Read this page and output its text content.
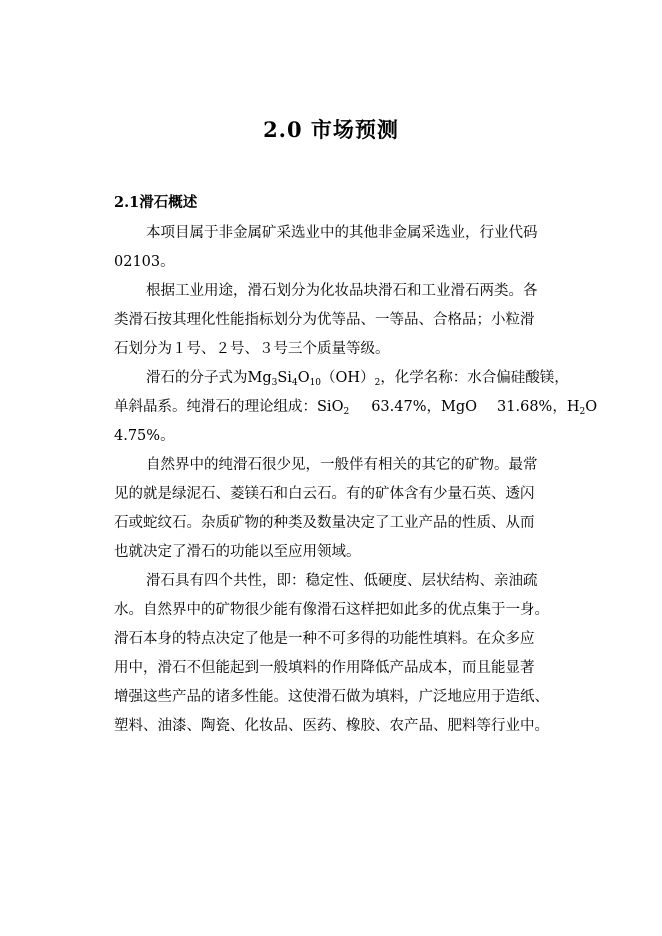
2.0 市场预测
2.1滑石概述
本项目属于非金属矿采选业中的其他非金属采选业，行业代码
02103。
根据工业用途，滑石划分为化妆品块滑石和工业滑石两类。各
类滑石按其理化性能指标划分为优等品、一等品、合格品；小粒滑
石划分为１号、２号、３号三个质量等级。
滑石的分子式为$Mg_3Si_4O_{10}(OH)_2$，化学名称：水合偏硅酸镁，
单斜晶系。纯滑石的理论组成：SiO$_2$ 63.47%，MgO 31.68%，$H_2O$
4.75%。
自然界中的纯滑石很少见，一般伴有相关的其它的矿物。最常
见的就是绿泥石、菱镁石和白云石。有的矿体含有少量石英、透闪
石或蛇纹石。杂质矿物的种类及数量决定了工业产品的性质、从而
也就决定了滑石的功能以至应用领域。
滑石具有四个共性，即：稳定性、低硬度、层状结构、亲油疏
水。自然界中的矿物很少能有像滑石这样把如此多的优点集于一身。
滑石本身的特点决定了他是一种不可多得的功能性填料。在众多应
用中，滑石不但能起到一般填料的作用降低产品成本，而且能显著
增强这些产品的诸多性能。这使滑石做为填料，广泛地应用于造纸、
塑料、油漆、陶瓷、化妆品、医药、橡胶、农产品、肥料等行业中。
